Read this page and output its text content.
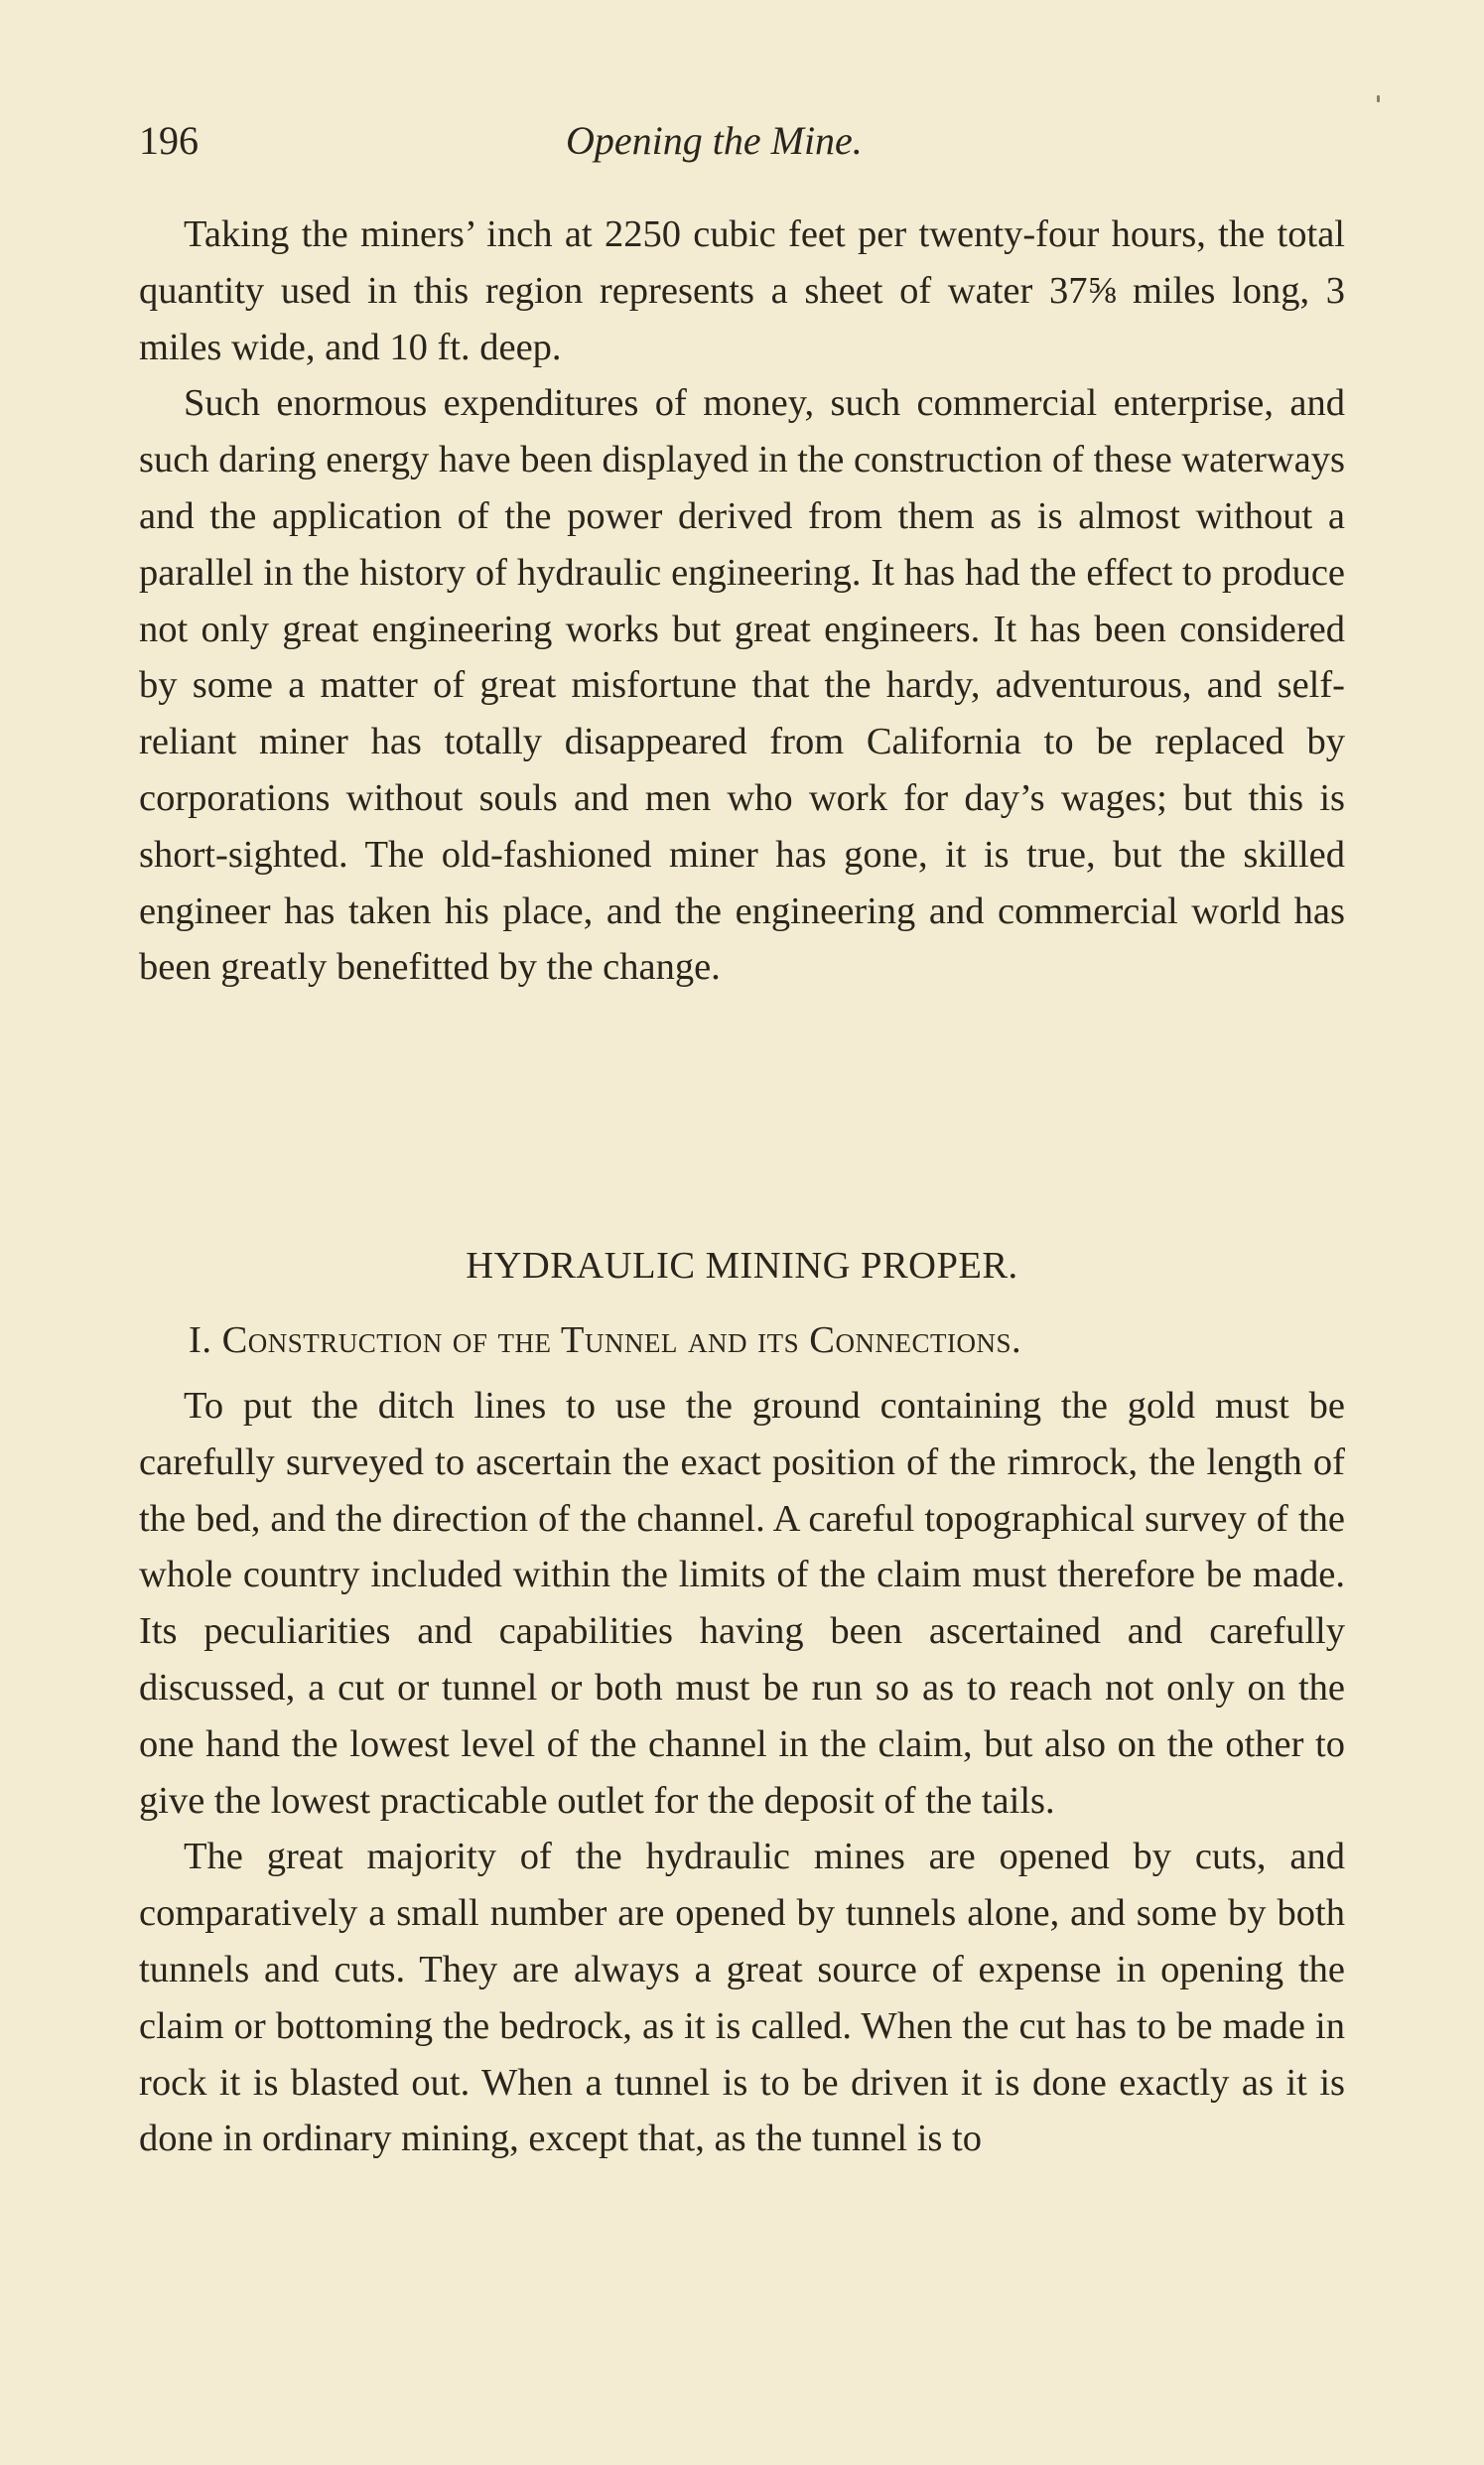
196	Opening the Mine.

Taking the miners’ inch at 2250 cubic feet per twenty-four hours, the total quantity used in this region represents a sheet of water 37⅝ miles long, 3 miles wide, and 10 ft. deep.

Such enormous expenditures of money, such commercial enterprise, and such daring energy have been displayed in the construction of these waterways and the application of the power derived from them as is almost without a parallel in the history of hydraulic engineering. It has had the effect to produce not only great engineering works but great engineers. It has been considered by some a matter of great misfortune that the hardy, adventurous, and self-reliant miner has totally disappeared from California to be replaced by corporations without souls and men who work for day’s wages; but this is short-sighted. The old-fashioned miner has gone, it is true, but the skilled engineer has taken his place, and the engineering and commercial world has been greatly benefitted by the change.

HYDRAULIC MINING PROPER.
I. Construction of the Tunnel and its Connections.

To put the ditch lines to use the ground containing the gold must be carefully surveyed to ascertain the exact position of the rimrock, the length of the bed, and the direction of the channel. A careful topographical survey of the whole country included within the limits of the claim must therefore be made. Its peculiarities and capabilities having been ascertained and carefully discussed, a cut or tunnel or both must be run so as to reach not only on the one hand the lowest level of the channel in the claim, but also on the other to give the lowest practicable outlet for the deposit of the tails.

The great majority of the hydraulic mines are opened by cuts, and comparatively a small number are opened by tunnels alone, and some by both tunnels and cuts. They are always a great source of expense in opening the claim or bottoming the bedrock, as it is called. When the cut has to be made in rock it is blasted out. When a tunnel is to be driven it is done exactly as it is done in ordinary mining, except that, as the tunnel is to
